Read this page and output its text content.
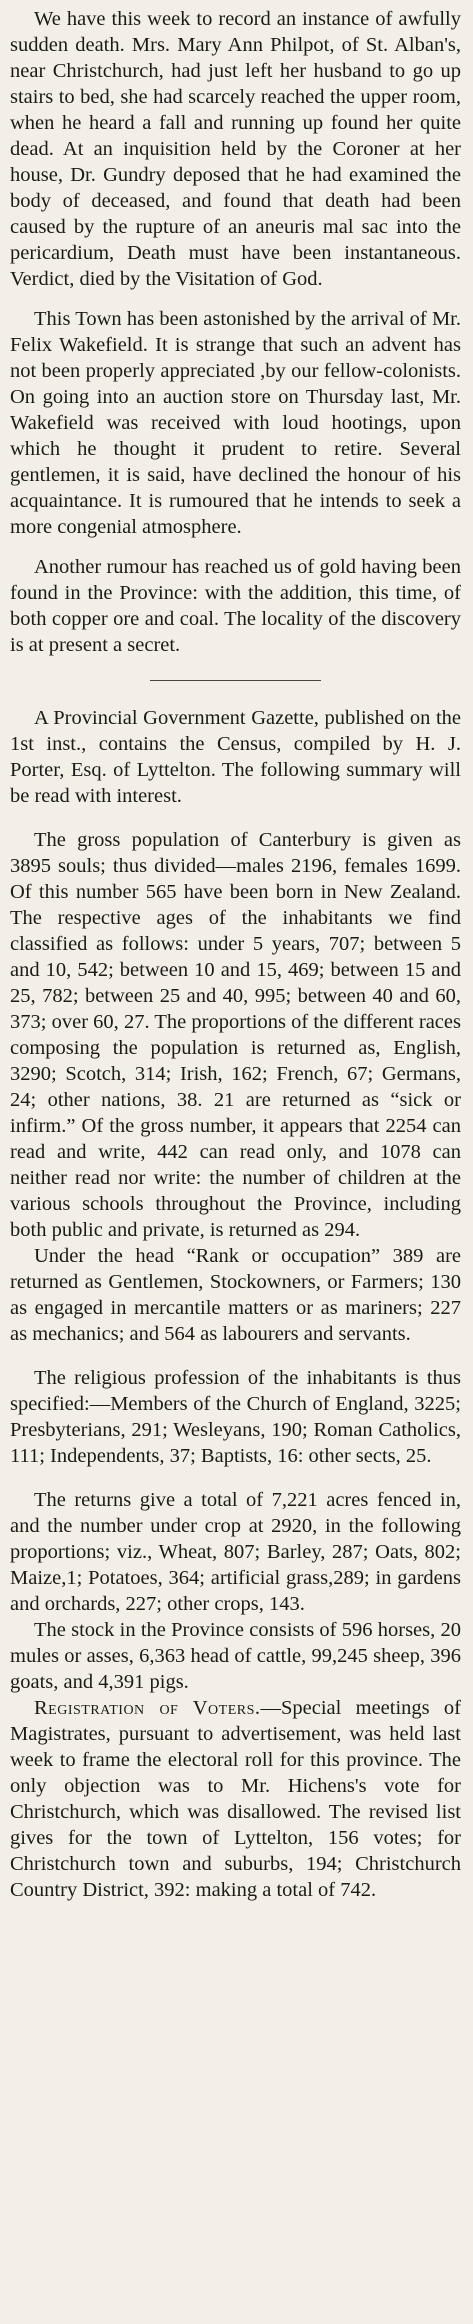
We have this week to record an instance of awfully sudden death. Mrs. Mary Ann Philpot, of St. Alban's, near Christchurch, had just left her husband to go up stairs to bed, she had scarcely reached the upper room, when he heard a fall and running up found her quite dead. At an inquisition held by the Coroner at her house, Dr. Gundry deposed that he had examined the body of deceased, and found that death had been caused by the rupture of an aneuris mal sac into the pericardium, Death must have been instantaneous. Verdict, died by the Visitation of God.

This Town has been astonished by the arrival of Mr. Felix Wakefield. It is strange that such an advent has not been properly appreciated ,by our fellow-colonists. On going into an auction store on Thursday last, Mr. Wakefield was received with loud hootings, upon which he thought it prudent to retire. Several gentlemen, it is said, have declined the honour of his acquaintance. It is rumoured that he intends to seek a more congenial atmosphere.

Another rumour has reached us of gold having been found in the Province: with the addition, this time, of both copper ore and coal. The locality of the discovery is at present a secret.

A Provincial Government Gazette, published on the 1st inst., contains the Census, compiled by H. J. Porter, Esq. of Lyttelton. The following summary will be read with interest.

The gross population of Canterbury is given as 3895 souls; thus divided—males 2196, females 1699. Of this number 565 have been born in New Zealand. The respective ages of the inhabitants we find classified as follows: under 5 years, 707; between 5 and 10, 542; between 10 and 15, 469; between 15 and 25, 782; between 25 and 40, 995; between 40 and 60, 373; over 60, 27. The proportions of the different races composing the population is returned as, English, 3290; Scotch, 314; Irish, 162; French, 67; Germans, 24; other nations, 38. 21 are returned as “sick or infirm.” Of the gross number, it appears that 2254 can read and write, 442 can read only, and 1078 can neither read nor write: the number of children at the various schools throughout the Province, including both public and private, is returned as 294.

Under the head “Rank or occupation” 389 are returned as Gentlemen, Stockowners, or Farmers; 130 as engaged in mercantile matters or as mariners; 227 as mechanics; and 564 as labourers and servants.

The religious profession of the inhabitants is thus specified:—Members of the Church of England, 3225; Presbyterians, 291; Wesleyans, 190; Roman Catholics, 111; Independents, 37; Baptists, 16: other sects, 25.

The returns give a total of 7,221 acres fenced in, and the number under crop at 2920, in the following proportions; viz., Wheat, 807; Barley, 287; Oats, 802; Maize,1; Potatoes, 364; artificial grass,289; in gardens and orchards, 227; other crops, 143.

The stock in the Province consists of 596 horses, 20 mules or asses, 6,363 head of cattle, 99,245 sheep, 396 goats, and 4,391 pigs.

Registration of Voters.—Special meetings of Magistrates, pursuant to advertisement, was held last week to frame the electoral roll for this province. The only objection was to Mr. Hichens's vote for Christchurch, which was disallowed. The revised list gives for the town of Lyttelton, 156 votes; for Christchurch town and suburbs, 194; Christchurch Country District, 392: making a total of 742.
